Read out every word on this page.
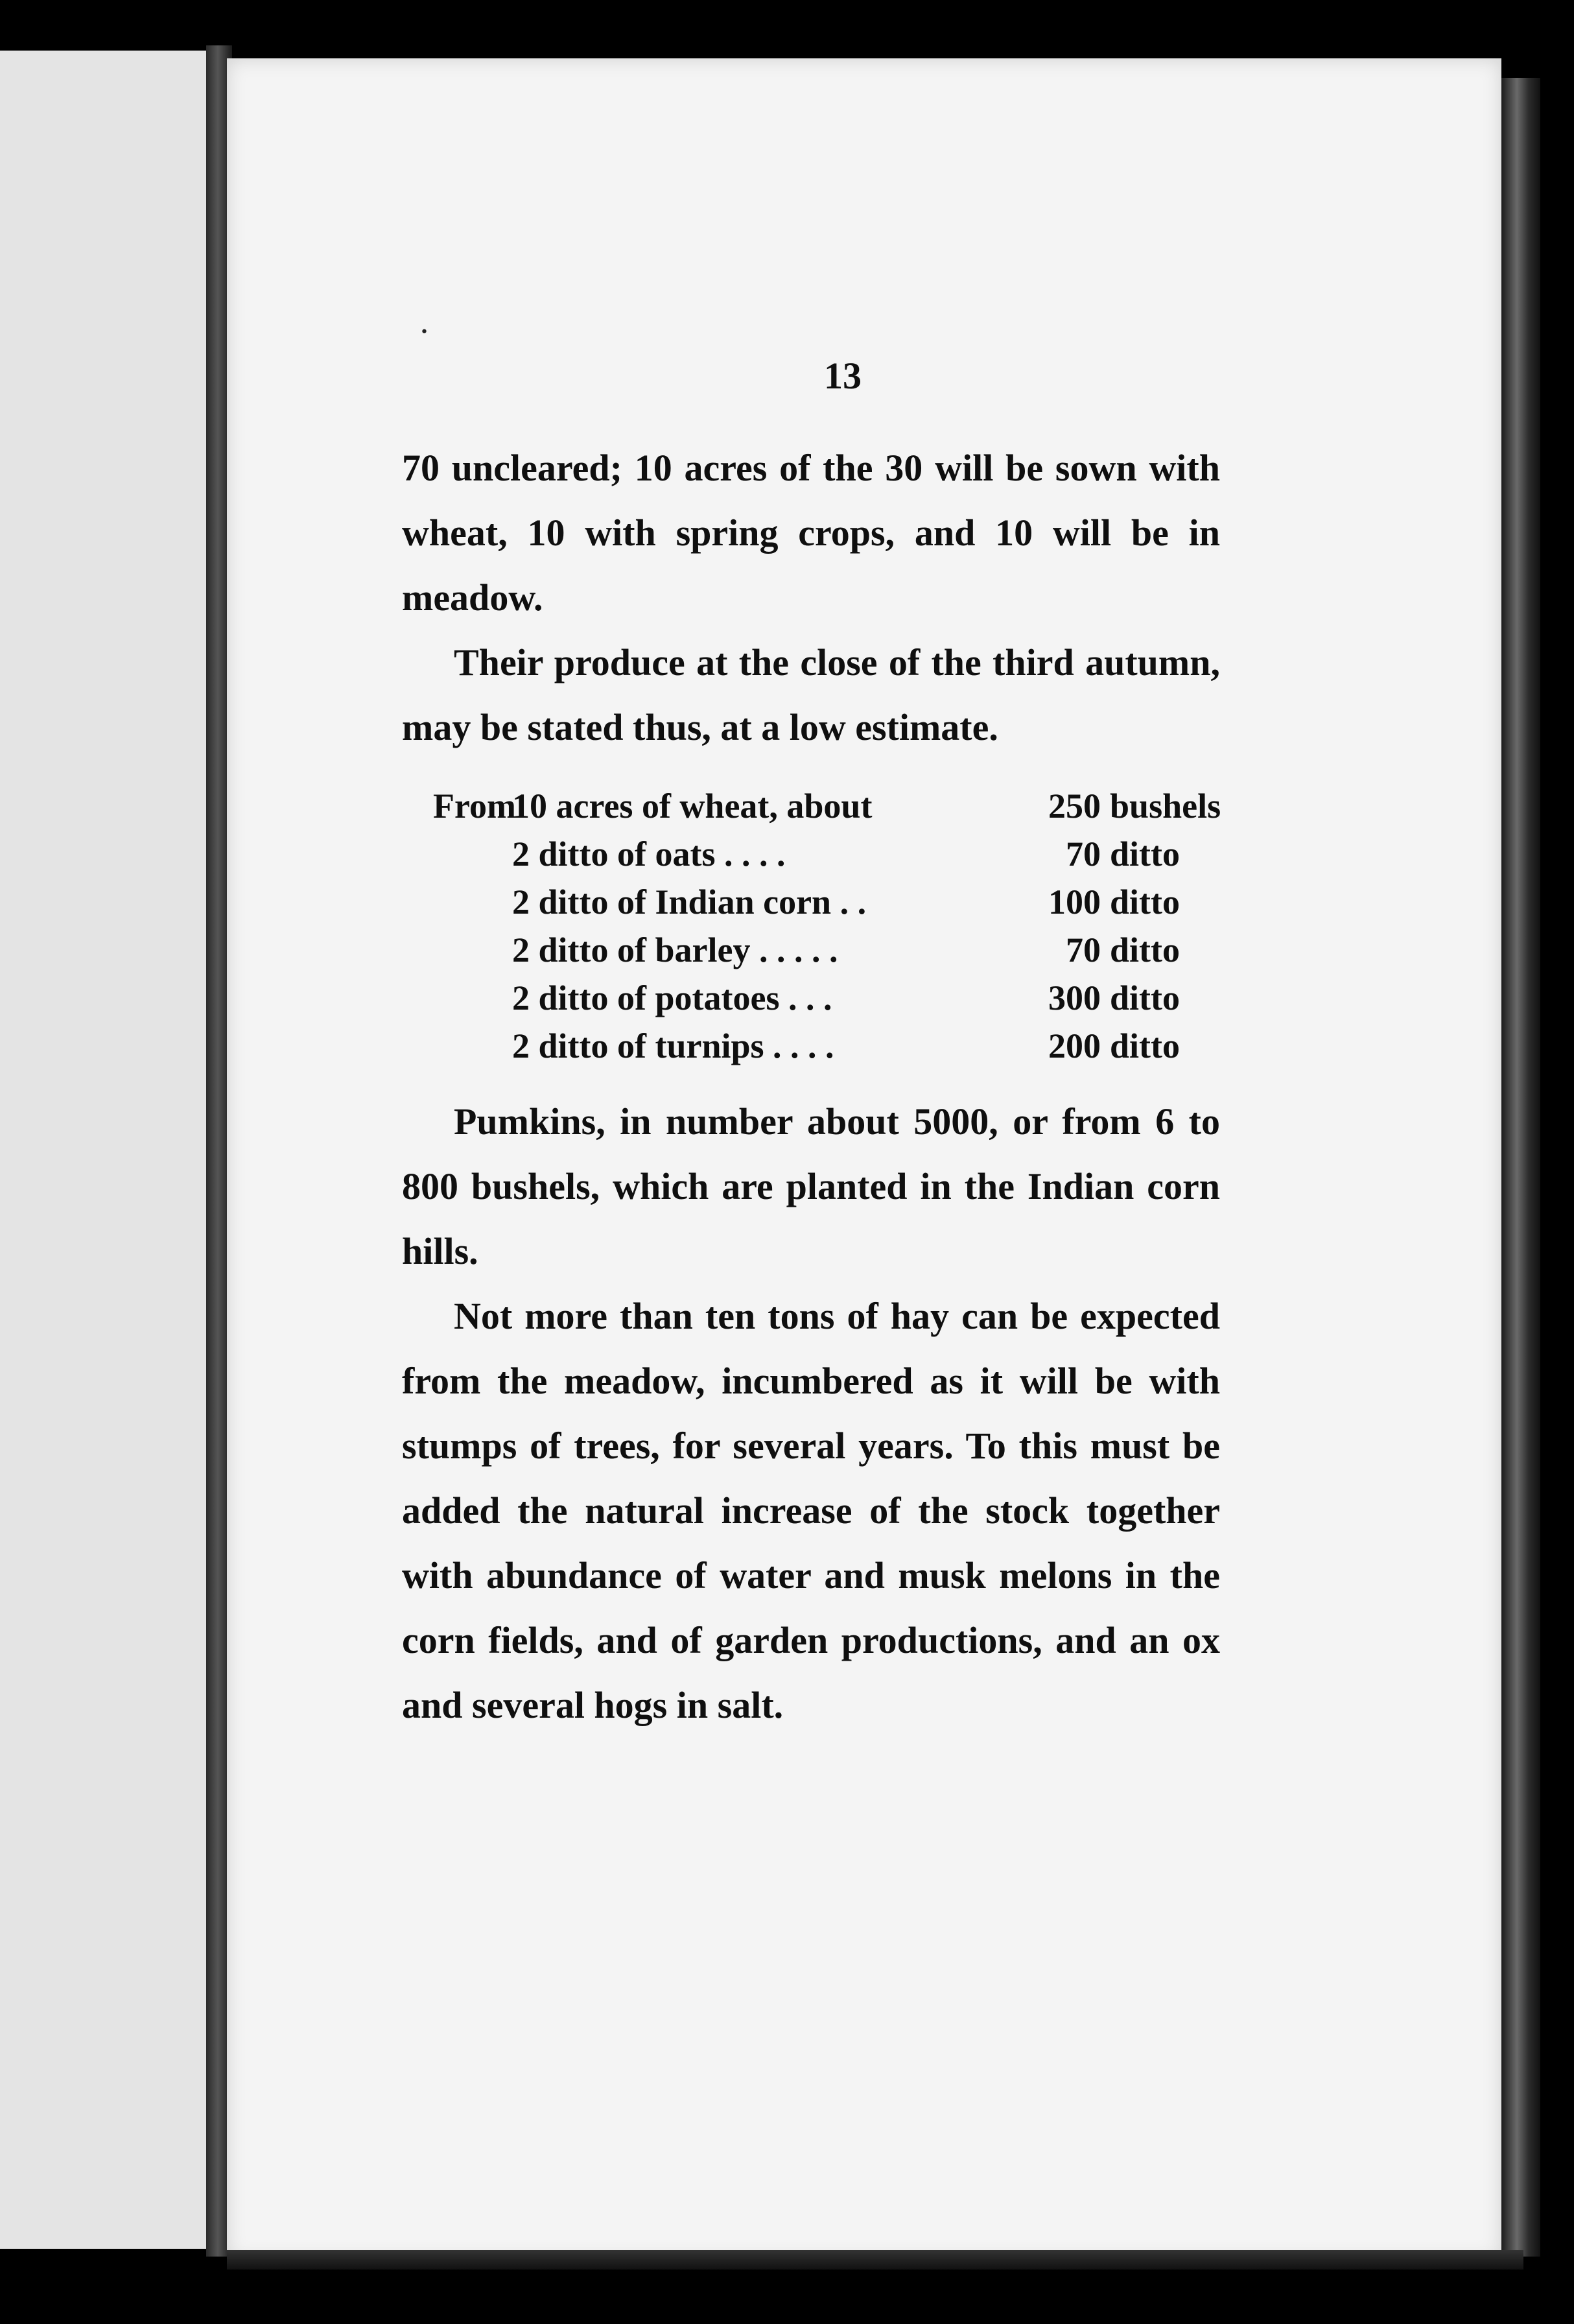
•
13

70 uncleared; 10 acres of the 30 will be sown with wheat, 10 with spring crops, and 10 will be in meadow.

Their produce at the close of the third autumn, may be stated thus, at a low estimate.

From
10 acres of wheat, about	250 bushels
2 ditto of oats . . . .	70 ditto
2 ditto of Indian corn . .	100 ditto
2 ditto of barley . . . . .	70 ditto
2 ditto of potatoes . . .	300 ditto
2 ditto of turnips . . . .	200 ditto

Pumkins, in number about 5000, or from 6 to 800 bushels, which are planted in the Indian corn hills.

Not more than ten tons of hay can be expected from the meadow, incumbered as it will be with stumps of trees, for several years. To this must be added the natural increase of the stock together with abundance of water and musk melons in the corn fields, and of garden productions, and an ox and several hogs in salt.
